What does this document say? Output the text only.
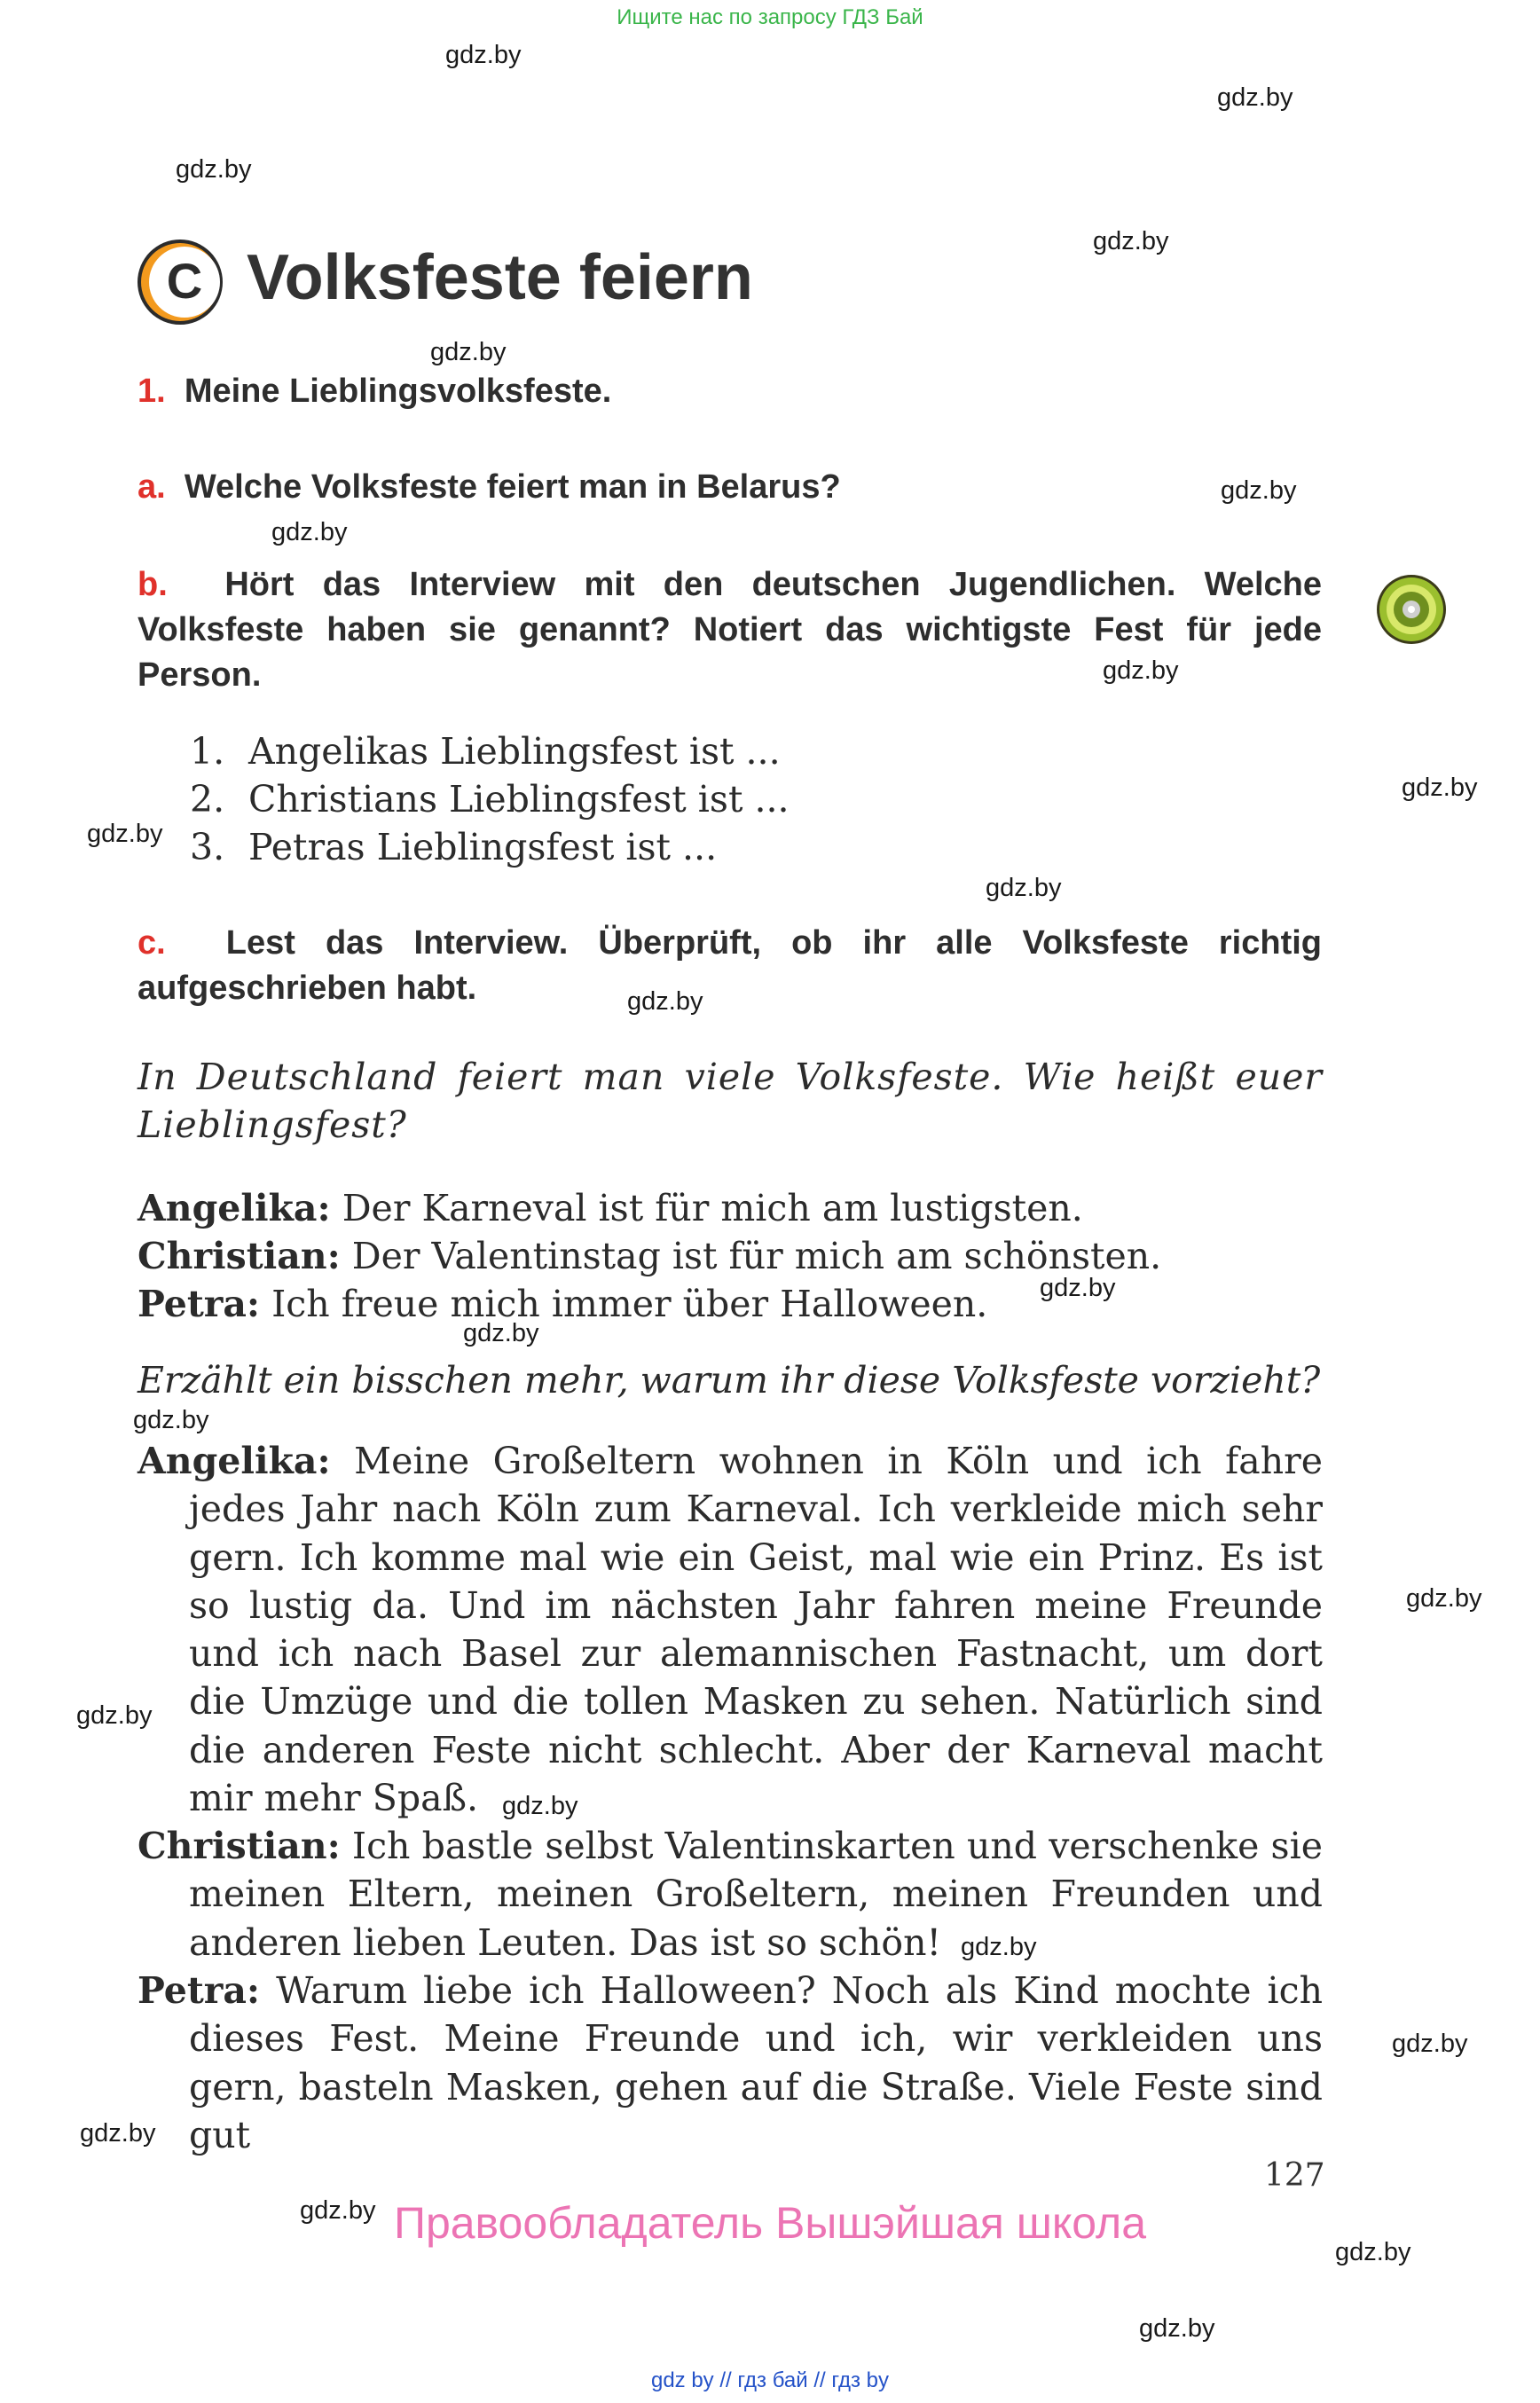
Ищите нас по запросу ГДЗ Бай
gdz.by
gdz.by
gdz.by
gdz.by
gdz.by
gdz.by
gdz.by
gdz.by
gdz.by
gdz.by
gdz.by
gdz.by
gdz.by
gdz.by
gdz.by
gdz.by
gdz.by
gdz.by
gdz.by
gdz.by
gdz.by
gdz.by
gdz.by
gdz.by
C Volksfeste feiern
1. Meine Lieblingsvolksfeste.
a. Welche Volksfeste feiert man in Belarus?
b. Hört das Interview mit den deutschen Jugendlichen. Welche Volksfeste haben sie genannt? Notiert das wichtigste Fest für jede Person.
1. Angelikas Lieblingsfest ist ...
2. Christians Lieblingsfest ist ...
3. Petras Lieblingsfest ist ...
c. Lest das Interview. Überprüft, ob ihr alle Volksfeste richtig aufgeschrieben habt.
In Deutschland feiert man viele Volksfeste. Wie heißt euer Lieblingsfest?
Angelika: Der Karneval ist für mich am lustigsten.
Christian: Der Valentinstag ist für mich am schönsten.
Petra: Ich freue mich immer über Halloween.
Erzählt ein bisschen mehr, warum ihr diese Volksfeste vorzieht?
Angelika: Meine Großeltern wohnen in Köln und ich fahre jedes Jahr nach Köln zum Karneval. Ich verkleide mich sehr gern. Ich komme mal wie ein Geist, mal wie ein Prinz. Es ist so lustig da. Und im nächsten Jahr fahren meine Freunde und ich nach Basel zur alemannischen Fastnacht, um dort die Umzüge und die tollen Masken zu sehen. Natürlich sind die anderen Feste nicht schlecht. Aber der Karneval macht mir mehr Spaß.
Christian: Ich bastle selbst Valentinskarten und verschenke sie meinen Eltern, meinen Großeltern, meinen Freunden und anderen lieben Leuten. Das ist so schön!
Petra: Warum liebe ich Halloween? Noch als Kind mochte ich dieses Fest. Meine Freunde und ich, wir verkleiden uns gern, basteln Masken, gehen auf die Straße. Viele Feste sind gut
127
Правообладатель Вышэйшая школа
gdz by // гдз бай // гдз by
